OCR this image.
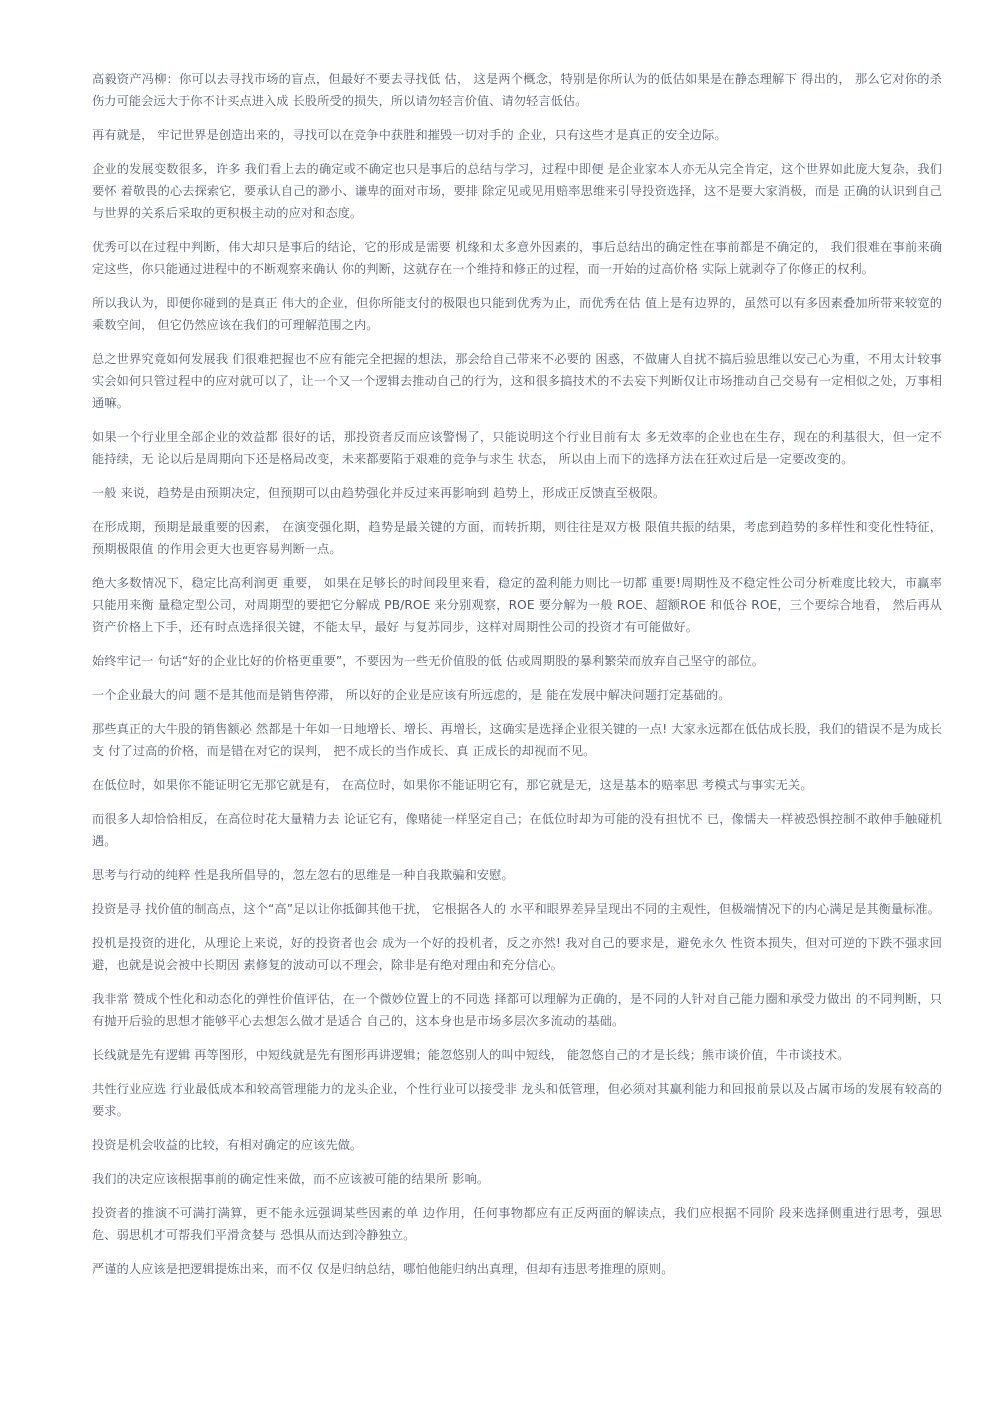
高毅资产冯柳：你可以去寻找市场的盲点，但最好不要去寻找低 估， 这是两个概念，特别是你所认为的低估如果是在静态理解下 得出的， 那么它对你的杀伤力可能会远大于你不计买点进入成 长股所受的损失，所以请勿轻言价值、请勿轻言低估。

再有就是， 牢记世界是创造出来的，寻找可以在竞争中获胜和摧毁一切对手的 企业，只有这些才是真正的安全边际。

企业的发展变数很多，许多 我们看上去的确定或不确定也只是事后的总结与学习，过程中即便 是企业家本人亦无从完全肯定，这个世界如此庞大复杂，我们要怀 着敬畏的心去探索它，要承认自己的渺小、谦卑的面对市场，要排 除定见或见用赔率思维来引导投资选择，这不是要大家消极，而是 正确的认识到自己与世界的关系后采取的更积极主动的应对和态度。

优秀可以在过程中判断，伟大却只是事后的结论，它的形成是需要 机缘和太多意外因素的，事后总结出的确定性在事前都是不确定的， 我们很难在事前来确定这些，你只能通过进程中的不断观察来确认 你的判断，这就存在一个维持和修正的过程，而一开始的过高价格 实际上就剥夺了你修正的权利。

所以我认为，即便你碰到的是真正 伟大的企业，但你所能支付的极限也只能到优秀为止，而优秀在估 值上是有边界的，虽然可以有多因素叠加所带来较宽的乘数空间， 但它仍然应该在我们的可理解范围之内。

总之世界究竟如何发展我 们很难把握也不应有能完全把握的想法，那会给自己带来不必要的 困惑，不做庸人自扰不搞后验思维以安己心为重，不用太计较事 实会如何只管过程中的应对就可以了，让一个又一个逻辑去推动自己的行为，这和很多搞技术的不去妄下判断仅让市场推动自己交易有一定相似之处，万事相通嘛。

如果一个行业里全部企业的效益都 很好的话，那投资者反而应该警惕了，只能说明这个行业目前有太 多无效率的企业也在生存，现在的利基很大，但一定不能持续，无 论以后是周期向下还是格局改变，未来都要陷于艰难的竞争与求生 状态， 所以由上而下的选择方法在狂欢过后是一定要改变的。

一般 来说，趋势是由预期决定，但预期可以由趋势强化并反过来再影响到 趋势上，形成正反馈直至极限。

在形成期，预期是最重要的因素， 在演变强化期，趋势是最关键的方面，而转折期，则往往是双方极 限值共振的结果，考虑到趋势的多样性和变化性特征，预期极限值 的作用会更大也更容易判断一点。

绝大多数情况下，稳定比高利润更 重要， 如果在足够长的时间段里来看，稳定的盈利能力则比一切都 重要!周期性及不稳定性公司分析难度比较大，市赢率只能用来衡 量稳定型公司，对周期型的要把它分解成 PB/ROE 来分别观察，ROE 要分解为一般 ROE、超额ROE 和低谷 ROE，三个要综合地看， 然后再从资产价格上下手，还有时点选择很关键，不能太早，最好 与复苏同步，这样对周期性公司的投资才有可能做好。

始终牢记一 句话“好的企业比好的价格更重要”，不要因为一些无价值股的低 估或周期股的暴利繁荣而放弃自己坚守的部位。

一个企业最大的问 题不是其他而是销售停滞， 所以好的企业是应该有所远虑的，是 能在发展中解决问题打定基础的。

那些真正的大牛股的销售额必 然都是十年如一日地增长、增长、再增长，这确实是选择企业很关键的一点! 大家永远都在低估成长股，我们的错误不是为成长支 付了过高的价格，而是错在对它的误判， 把不成长的当作成长、真 正成长的却视而不见。

在低位时，如果你不能证明它无那它就是有， 在高位时，如果你不能证明它有，那它就是无，这是基本的赔率思 考模式与事实无关。

而很多人却恰恰相反，在高位时花大量精力去 论证它有，像赌徒一样坚定自己；在低位时却为可能的没有担忧不 已，像懦夫一样被恐惧控制不敢伸手触碰机遇。

思考与行动的纯粹 性是我所倡导的，忽左忽右的思维是一种自我欺骗和安慰。

投资是寻 找价值的制高点，这个“高”足以让你抵御其他干扰， 它根据各人的 水平和眼界差异呈现出不同的主观性，但极端情况下的内心满足是其衡量标准。

投机是投资的进化，从理论上来说，好的投资者也会 成为一个好的投机者，反之亦然! 我对自己的要求是，避免永久 性资本损失，但对可逆的下跌不强求回避，也就是说会被中长期因 素修复的波动可以不理会，除非是有绝对理由和充分信心。

我非常 赞成个性化和动态化的弹性价值评估，在一个微妙位置上的不同选 择都可以理解为正确的，是不同的人针对自己能力圈和承受力做出 的不同判断，只有抛开后验的思想才能够平心去想怎么做才是适合 自己的，这本身也是市场多层次多流动的基础。

长线就是先有逻辑 再等图形，中短线就是先有图形再讲逻辑；能忽悠别人的叫中短线， 能忽悠自己的才是长线；熊市谈价值，牛市谈技术。

共性行业应选 行业最低成本和较高管理能力的龙头企业，个性行业可以接受非 龙头和低管理，但必须对其赢利能力和回报前景以及占属市场的发展有较高的要求。

投资是机会收益的比较，有相对确定的应该先做。

我们的决定应该根据事前的确定性来做，而不应该被可能的结果所 影响。

投资者的推演不可满打满算，更不能永远强调某些因素的单 边作用，任何事物都应有正反两面的解读点，我们应根据不同阶 段来选择侧重进行思考，强思危、弱思机才可帮我们平滑贪婪与 恐惧从而达到冷静独立。

严谨的人应该是把逻辑提炼出来，而不仅 仅是归纳总结，哪怕他能归纳出真理，但却有违思考推理的原则。
